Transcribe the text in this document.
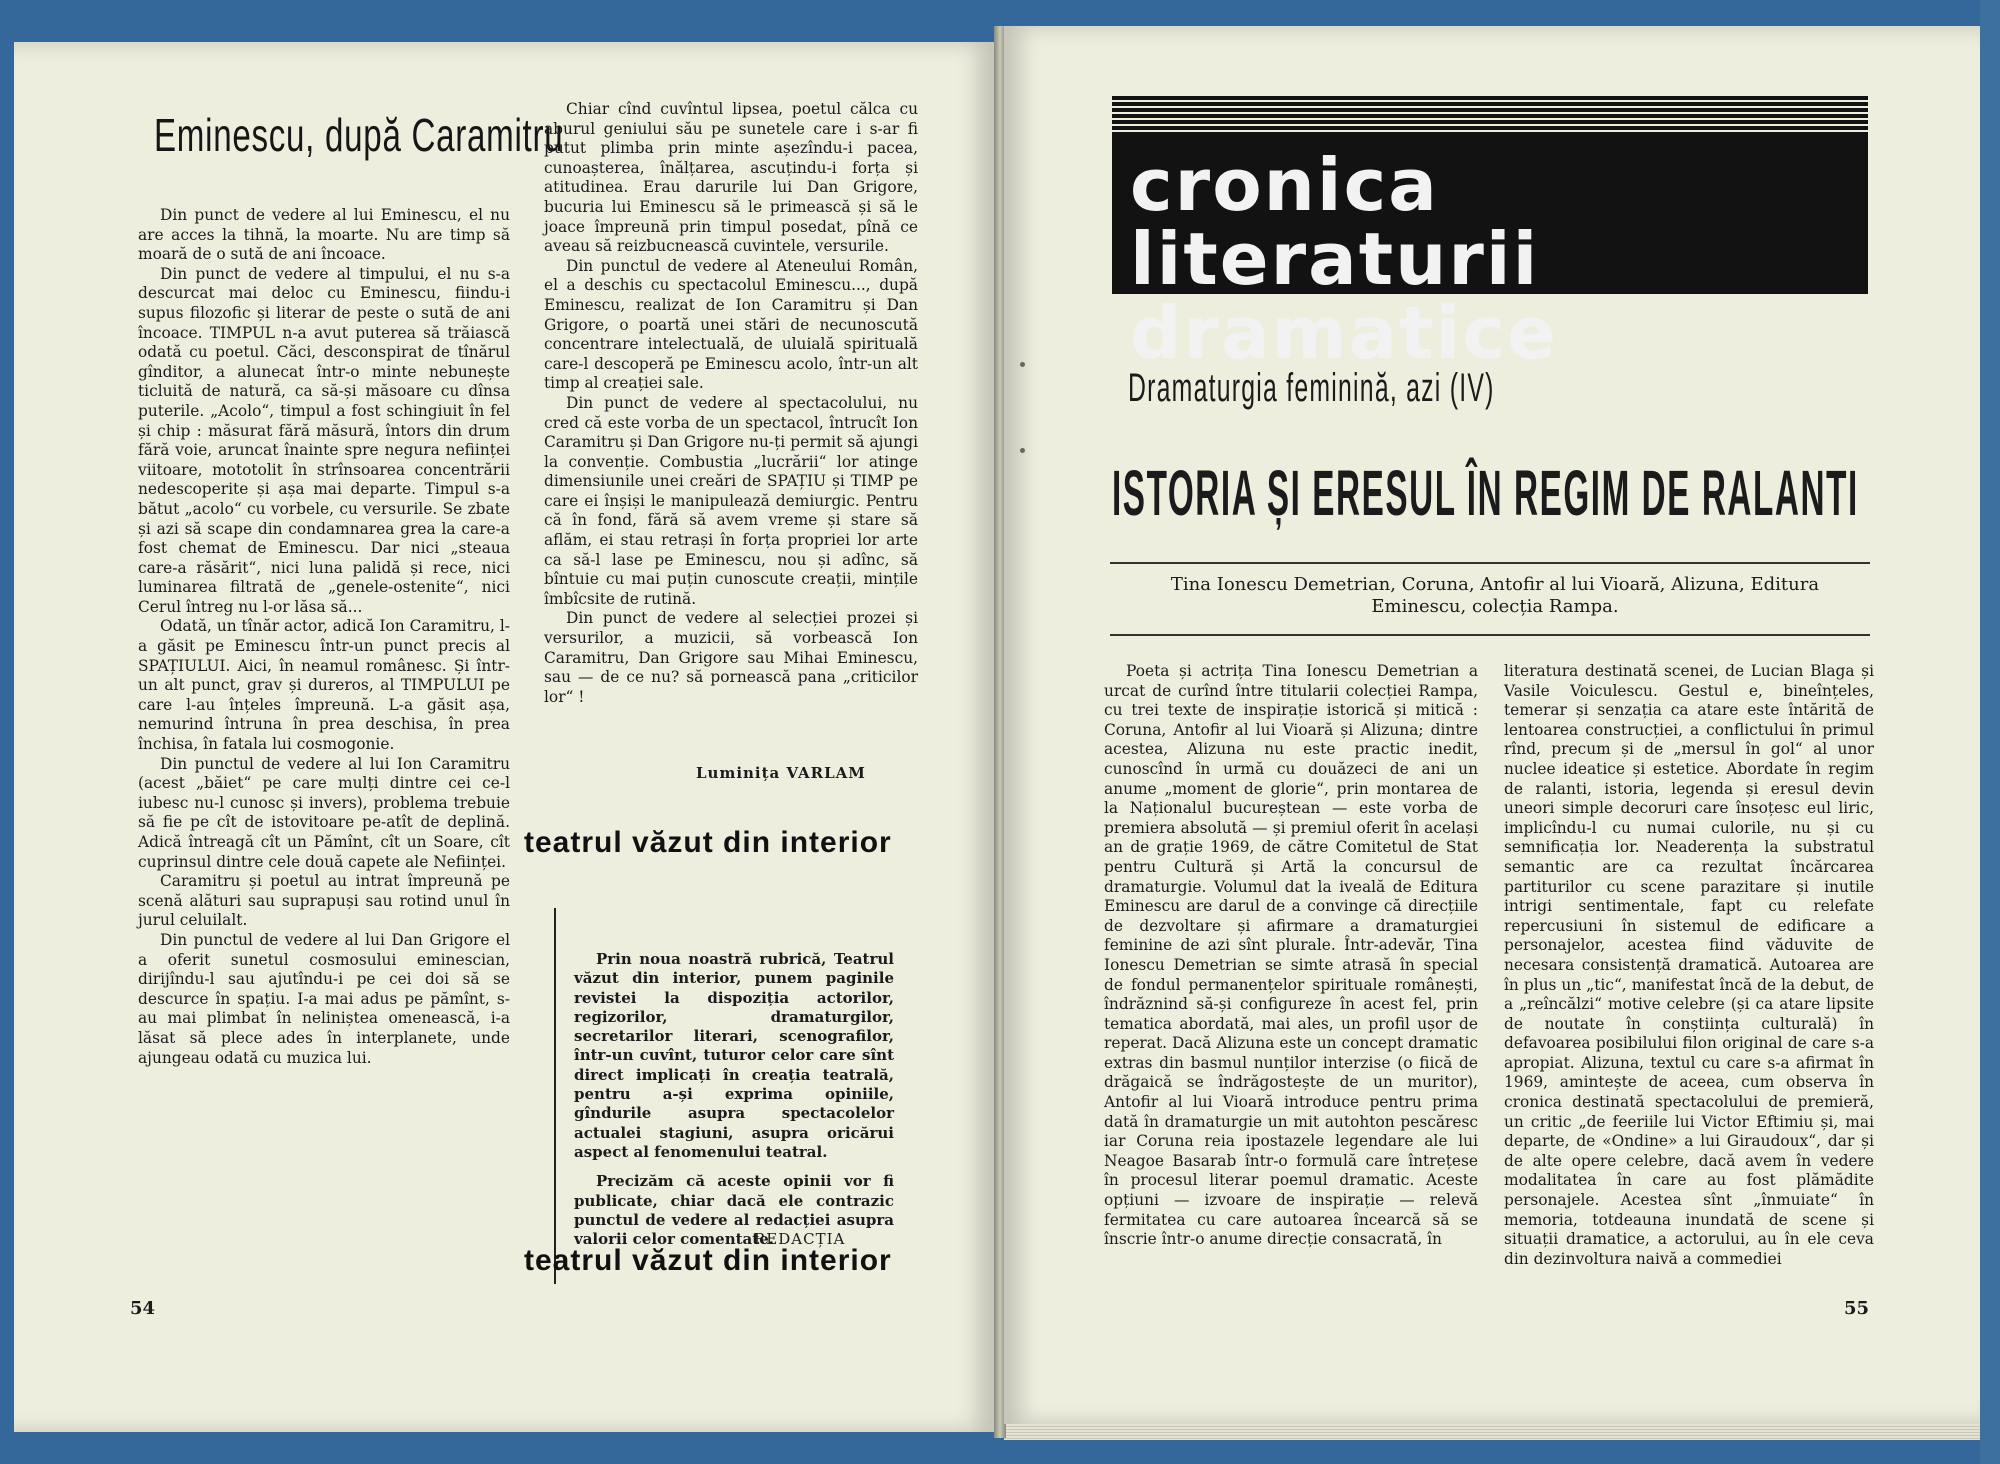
Eminescu, după Caramitru

Din punct de vedere al lui Eminescu, el nu are acces la tihnă, la moarte. Nu are timp să moară de o sută de ani încoace.

Din punct de vedere al timpului, el nu s-a descurcat mai deloc cu Eminescu, fiindu-i supus filozofic și literar de peste o sută de ani încoace. TIMPUL n-a avut puterea să trăiască odată cu poetul. Căci, desconspirat de tînărul gînditor, a alunecat într-o minte nebunește ticluită de natură, ca să-și măsoare cu dînsa puterile. „Acolo“, timpul a fost schingiuit în fel și chip : măsurat fără măsură, întors din drum fără voie, aruncat înainte spre negura neființei viitoare, mototolit în strînsoarea concentrării nedescoperite și așa mai departe. Timpul s-a bătut „acolo“ cu vorbele, cu versurile. Se zbate și azi să scape din condamnarea grea la care-a fost chemat de Eminescu. Dar nici „steaua care-a răsărit“, nici luna palidă și rece, nici luminarea filtrată de „genele-ostenite“, nici Cerul întreg nu l-or lăsa să...

Odată, un tînăr actor, adică Ion Caramitru, l-a găsit pe Eminescu într-un punct precis al SPAȚIULUI. Aici, în neamul românesc. Și într-un alt punct, grav și dureros, al TIMPULUI pe care l-au înțeles împreună. L-a găsit așa, nemurind întruna în prea deschisa, în prea închisa, în fatala lui cosmogonie.

Din punctul de vedere al lui Ion Caramitru (acest „băiet“ pe care mulți dintre cei ce-l iubesc nu-l cunosc și invers), problema trebuie să fie pe cît de istovitoare pe-atît de deplină. Adică întreagă cît un Pămînt, cît un Soare, cît cuprinsul dintre cele două capete ale Neființei.

Caramitru și poetul au intrat împreună pe scenă alături sau suprapuși sau rotind unul în jurul celuilalt.

Din punctul de vedere al lui Dan Grigore el a oferit sunetul cosmosului eminescian, dirijîndu-l sau ajutîndu-i pe cei doi să se descurce în spațiu. I-a mai adus pe pămînt, s-au mai plimbat în neliniștea omenească, i-a lăsat să plece ades în interplanete, unde ajungeau odată cu muzica lui.

Chiar cînd cuvîntul lipsea, poetul călca cu aburul geniului său pe sunetele care i s-ar fi putut plimba prin minte așezîndu-i pacea, cunoașterea, înălțarea, ascuțindu-i forța și atitudinea. Erau darurile lui Dan Grigore, bucuria lui Eminescu să le primească și să le joace împreună prin timpul posedat, pînă ce aveau să reizbucnească cuvintele, versurile.

Din punctul de vedere al Ateneului Român, el a deschis cu spectacolul Eminescu..., după Eminescu, realizat de Ion Caramitru și Dan Grigore, o poartă unei stări de necunoscută concentrare intelectuală, de uluială spirituală care-l descoperă pe Eminescu acolo, într-un alt timp al creației sale.

Din punct de vedere al spectacolului, nu cred că este vorba de un spectacol, întrucît Ion Caramitru și Dan Grigore nu-ți permit să ajungi la convenție. Combustia „lucrării“ lor atinge dimensiunile unei creări de SPAȚIU și TIMP pe care ei înșiși le manipulează demiurgic. Pentru că în fond, fără să avem vreme și stare să aflăm, ei stau retrași în forța propriei lor arte ca să-l lase pe Eminescu, nou și adînc, să bîntuie cu mai puțin cunoscute creații, mințile îmbîcsite de rutină.

Din punct de vedere al selecției prozei și versurilor, a muzicii, să vorbească Ion Caramitru, Dan Grigore sau Mihai Eminescu, sau — de ce nu? să pornească pana „criticilor lor“ !

Luminița VARLAM
teatrul văzut din interior

Prin noua noastră rubrică, Teatrul văzut din interior, punem paginile revistei la dispoziția actorilor, regizorilor, dramaturgilor, secretarilor literari, scenografilor, într-un cuvînt, tuturor celor care sînt direct implicați în creația teatrală, pentru a-și exprima opiniile, gîndurile asupra spectacolelor actualei stagiuni, asupra oricărui aspect al fenomenului teatral.

Precizăm că aceste opinii vor fi publicate, chiar dacă ele contrazic punctul de vedere al redacției asupra valorii celor comentate.

REDACȚIA
teatrul văzut din interior
54
cronica literaturii
dramatice
Dramaturgia feminină, azi (IV)
ISTORIA ȘI ERESUL ÎN REGIM DE RALANTI
Tina Ionescu Demetrian, Coruna, Antofir al lui Vioară, Alizuna, Editura Eminescu, colecția Rampa.

Poeta și actrița Tina Ionescu Demetrian a urcat de curînd între titularii colecției Rampa, cu trei texte de inspirație istorică și mitică : Coruna, Antofir al lui Vioară și Alizuna; dintre acestea, Alizuna nu este practic inedit, cunoscînd în urmă cu douăzeci de ani un anume „moment de glorie“, prin montarea de la Naționalul bucureștean — este vorba de premiera absolută — și premiul oferit în același an de grație 1969, de către Comitetul de Stat pentru Cultură și Artă la concursul de dramaturgie. Volumul dat la iveală de Editura Eminescu are darul de a convinge că direcțiile de dezvoltare și afirmare a dramaturgiei feminine de azi sînt plurale. Într-adevăr, Tina Ionescu Demetrian se simte atrasă în special de fondul permanențelor spirituale românești, îndrăznind să-și configureze în acest fel, prin tematica abordată, mai ales, un profil ușor de reperat. Dacă Alizuna este un concept dramatic extras din basmul nunților interzise (o fiică de drăgaică se îndrăgostește de un muritor), Antofir al lui Vioară introduce pentru prima dată în dramaturgie un mit autohton pescăresc iar Coruna reia ipostazele legendare ale lui Neagoe Basarab într-o formulă care întrețese în procesul literar poemul dramatic. Aceste opțiuni — izvoare de inspirație — relevă fermitatea cu care autoarea încearcă să se înscrie într-o anume direcție consacrată, în

literatura destinată scenei, de Lucian Blaga și Vasile Voiculescu. Gestul e, bineînțeles, temerar și senzația ca atare este întărită de lentoarea construcției, a conflictului în primul rînd, precum și de „mersul în gol“ al unor nuclee ideatice și estetice. Abordate în regim de ralanti, istoria, legenda și eresul devin uneori simple decoruri care însoțesc eul liric, implicîndu-l cu numai culorile, nu și cu semnificația lor. Neaderența la substratul semantic are ca rezultat încărcarea partiturilor cu scene parazitare și inutile intrigi sentimentale, fapt cu relefate repercusiuni în sistemul de edificare a personajelor, acestea fiind văduvite de necesara consistență dramatică. Autoarea are în plus un „tic“, manifestat încă de la debut, de a „reîncălzi“ motive celebre (și ca atare lipsite de noutate în conștiința culturală) în defavoarea posibilului filon original de care s-a apropiat. Alizuna, textul cu care s-a afirmat în 1969, amintește de aceea, cum observa în cronica destinată spectacolului de premieră, un critic „de feeriile lui Victor Eftimiu și, mai departe, de «Ondine» a lui Giraudoux“, dar și de alte opere celebre, dacă avem în vedere modalitatea în care au fost plămădite personajele. Acestea sînt „înmuiate“ în memoria, totdeauna inundată de scene și situații dramatice, a actorului, au în ele ceva din dezinvoltura naivă a commediei

55
